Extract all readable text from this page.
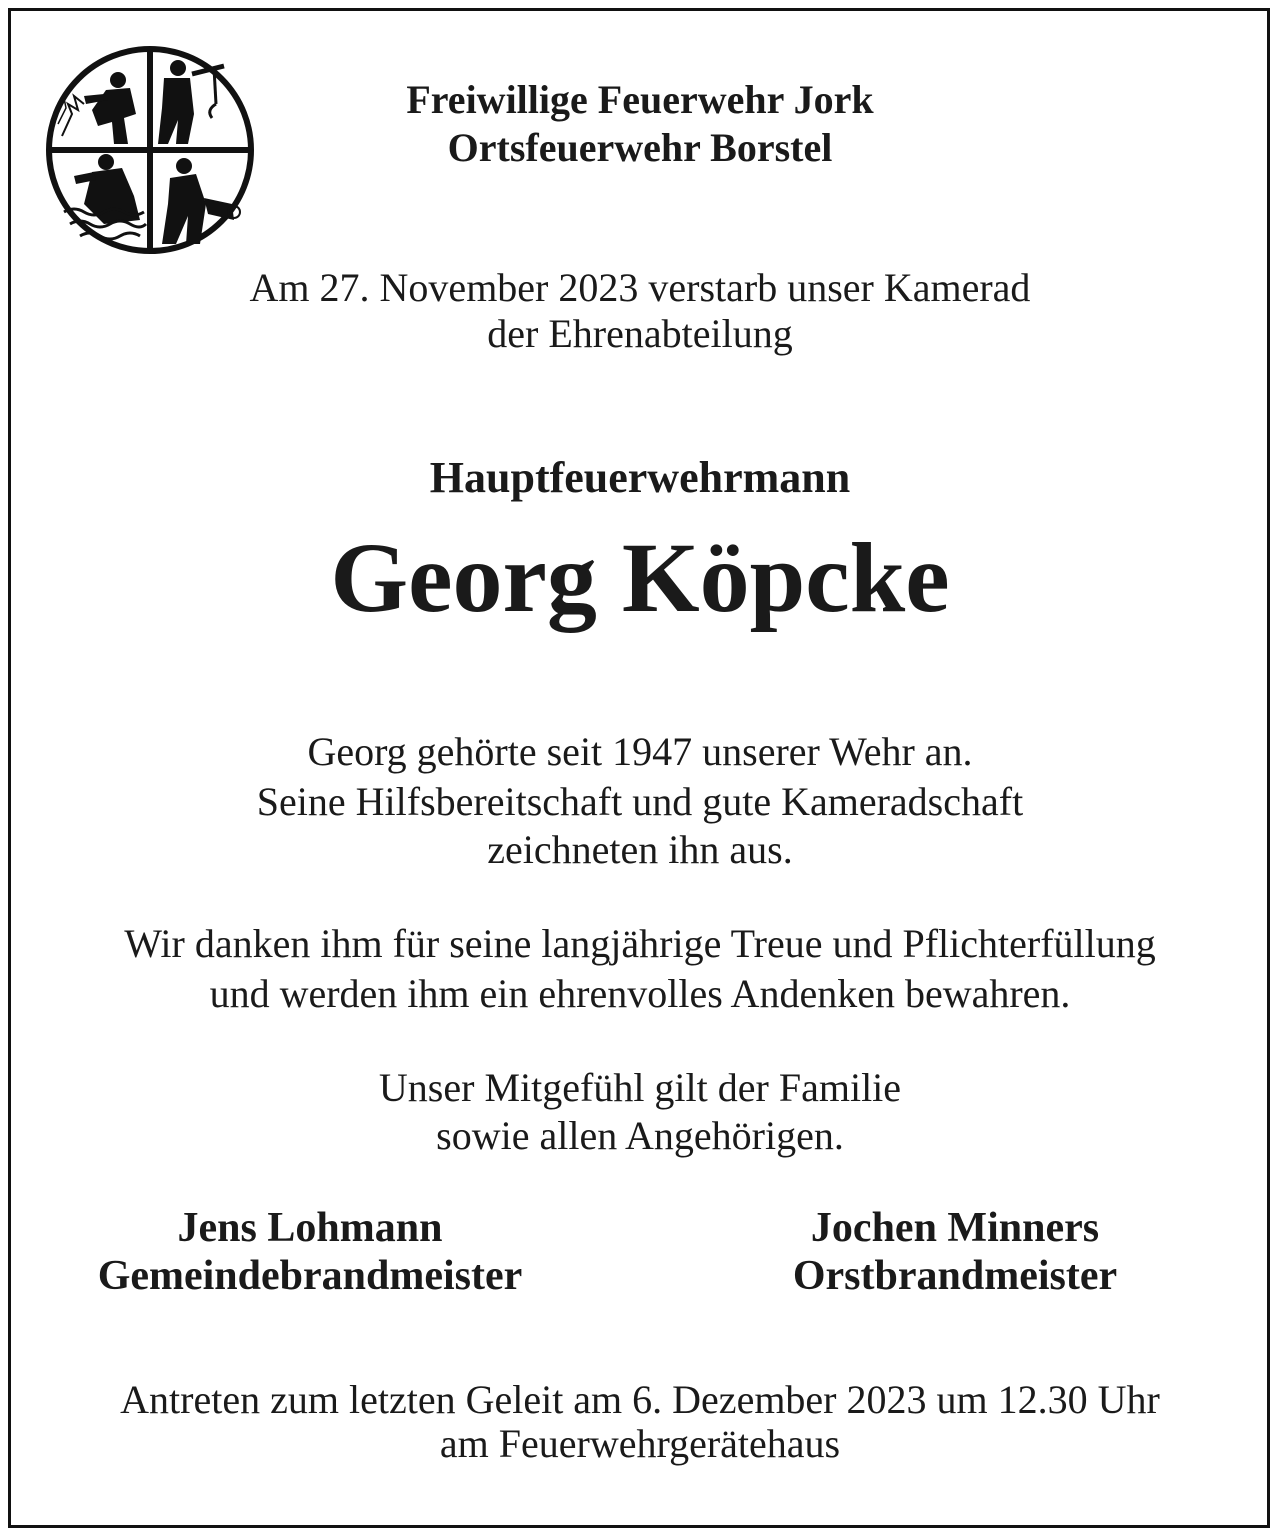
Freiwillige Feuerwehr Jork
Ortsfeuerwehr Borstel
Am 27. November 2023 verstarb unser Kamerad
der Ehrenabteilung
Hauptfeuerwehrmann
Georg Köpcke
Georg gehörte seit 1947 unserer Wehr an.
Seine Hilfsbereitschaft und gute Kameradschaft
zeichneten ihn aus.
Wir danken ihm für seine langjährige Treue und Pflichterfüllung
und werden ihm ein ehrenvolles Andenken bewahren.
Unser Mitgefühl gilt der Familie
sowie allen Angehörigen.
Jens Lohmann
Gemeindebrandmeister
Jochen Minners
Orstbrandmeister
Antreten zum letzten Geleit am 6. Dezember 2023 um 12.30 Uhr
am Feuerwehrgerätehaus
